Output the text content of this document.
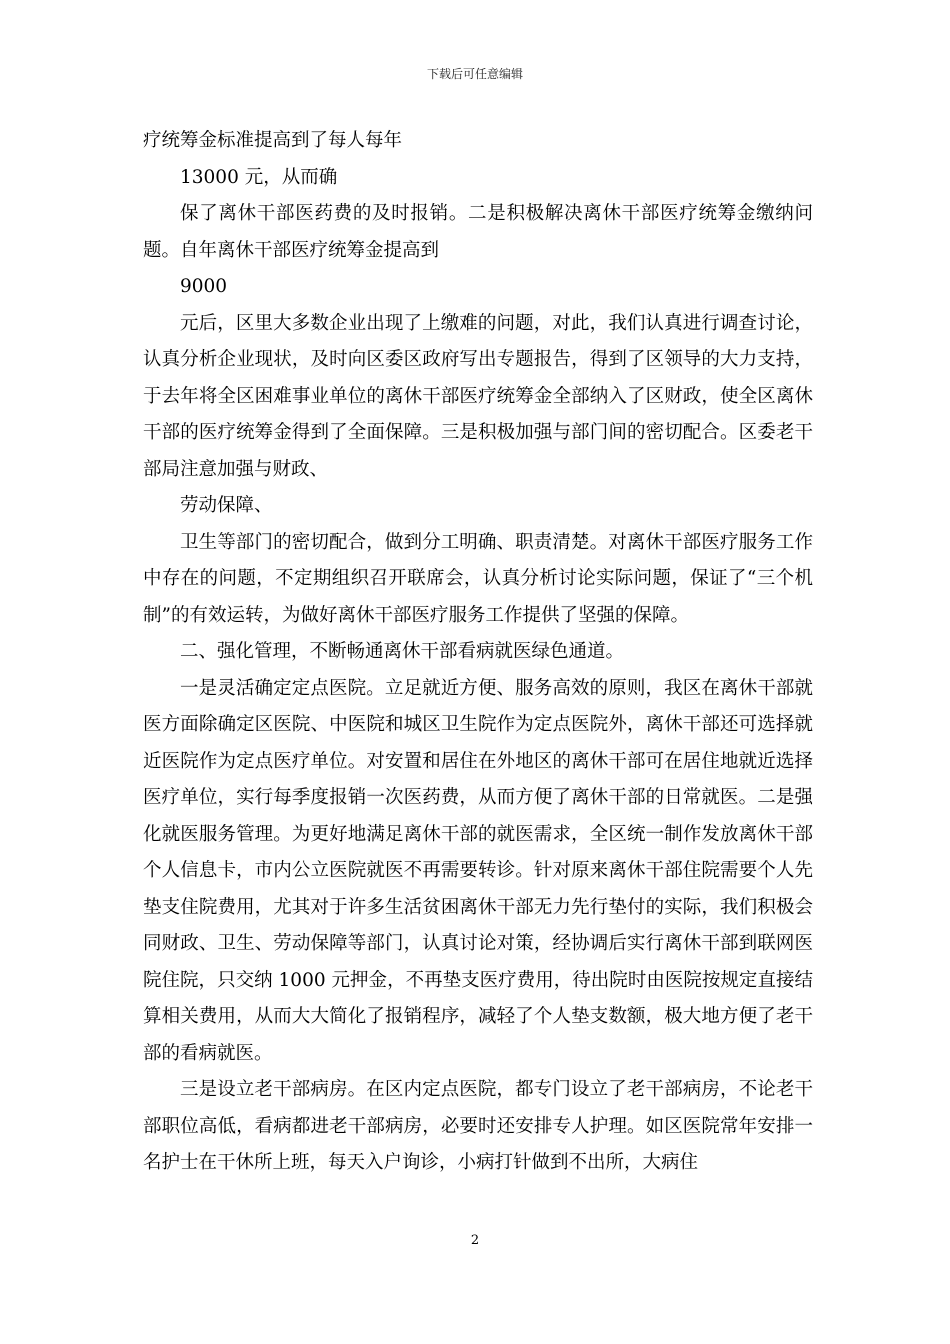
下载后可任意编辑

疗统筹金标准提高到了每人每年

13000 元，从而确

保了离休干部医药费的及时报销。二是积极解决离休干部医疗统筹金缴纳问题。自年离休干部医疗统筹金提高到

9000

元后，区里大多数企业出现了上缴难的问题，对此，我们认真进行调查讨论，认真分析企业现状，及时向区委区政府写出专题报告，得到了区领导的大力支持，于去年将全区困难事业单位的离休干部医疗统筹金全部纳入了区财政，使全区离休干部的医疗统筹金得到了全面保障。三是积极加强与部门间的密切配合。区委老干部局注意加强与财政、

劳动保障、

卫生等部门的密切配合，做到分工明确、职责清楚。对离休干部医疗服务工作中存在的问题，不定期组织召开联席会，认真分析讨论实际问题，保证了“三个机制”的有效运转，为做好离休干部医疗服务工作提供了坚强的保障。

二、强化管理，不断畅通离休干部看病就医绿色通道。

一是灵活确定定点医院。立足就近方便、服务高效的原则，我区在离休干部就医方面除确定区医院、中医院和城区卫生院作为定点医院外，离休干部还可选择就近医院作为定点医疗单位。对安置和居住在外地区的离休干部可在居住地就近选择医疗单位，实行每季度报销一次医药费，从而方便了离休干部的日常就医。二是强化就医服务管理。为更好地满足离休干部的就医需求，全区统一制作发放离休干部个人信息卡，市内公立医院就医不再需要转诊。针对原来离休干部住院需要个人先垫支住院费用，尤其对于许多生活贫困离休干部无力先行垫付的实际，我们积极会同财政、卫生、劳动保障等部门，认真讨论对策，经协调后实行离休干部到联网医院住院，只交纳 1000 元押金，不再垫支医疗费用，待出院时由医院按规定直接结算相关费用，从而大大简化了报销程序，减轻了个人垫支数额，极大地方便了老干部的看病就医。

三是设立老干部病房。在区内定点医院，都专门设立了老干部病房，不论老干部职位高低，看病都进老干部病房，必要时还安排专人护理。如区医院常年安排一名护士在干休所上班，每天入户询诊，小病打针做到不出所，大病住

2
